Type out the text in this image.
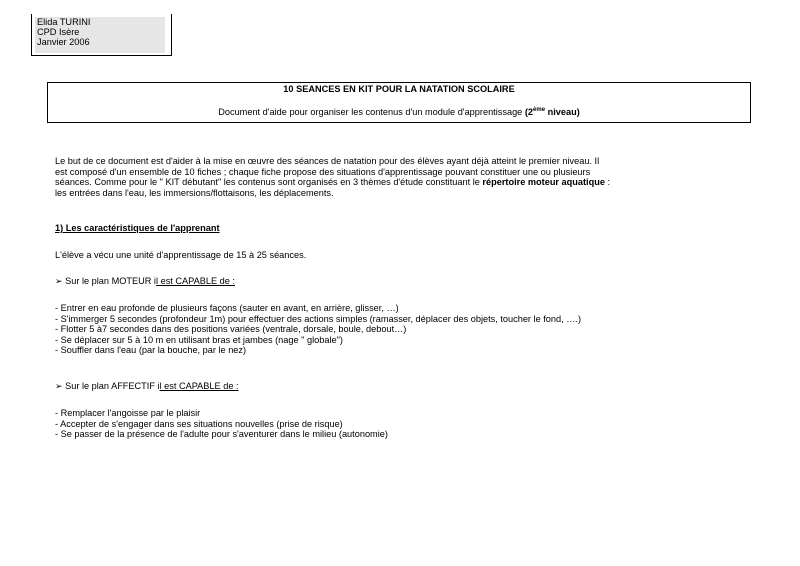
Elida TURINI
CPD Isère
Janvier 2006
10 SEANCES EN KIT POUR LA NATATION SCOLAIRE
Document d'aide pour organiser les contenus d'un module d'apprentissage (2ème niveau)
Le but de ce document est d'aider à la mise en œuvre des séances de natation pour des élèves ayant déjà atteint le premier niveau. Il
est composé d'un ensemble de 10 fiches ; chaque fiche propose des situations d'apprentissage pouvant constituer une ou plusieurs
séances. Comme pour le " KIT débutant" les contenus sont organisés en 3 thèmes d'étude constituant le répertoire moteur aquatique :
les entrées dans l'eau, les immersions/flottaisons, les déplacements.
1) Les caractéristiques de l'apprenant
L'élève a vécu une unité d'apprentissage de 15 à 25 séances.
➢ Sur le plan MOTEUR il est CAPABLE de :
- Entrer en eau profonde de plusieurs façons (sauter en avant, en arrière, glisser, …)
- S'immerger 5 secondes (profondeur 1m) pour effectuer des actions simples (ramasser, déplacer des objets, toucher le fond, ….)
- Flotter 5 à7 secondes dans des positions variées (ventrale, dorsale, boule, debout…)
- Se déplacer sur 5 à 10 m en utilisant bras et jambes (nage " globale")
- Souffler dans l'eau (par la bouche, par le nez)
➢ Sur le plan AFFECTIF il est CAPABLE de :
- Remplacer l'angoisse par le plaisir
- Accepter de s'engager dans ses situations nouvelles (prise de risque)
- Se passer de la présence de l'adulte pour s'aventurer dans le milieu (autonomie)
